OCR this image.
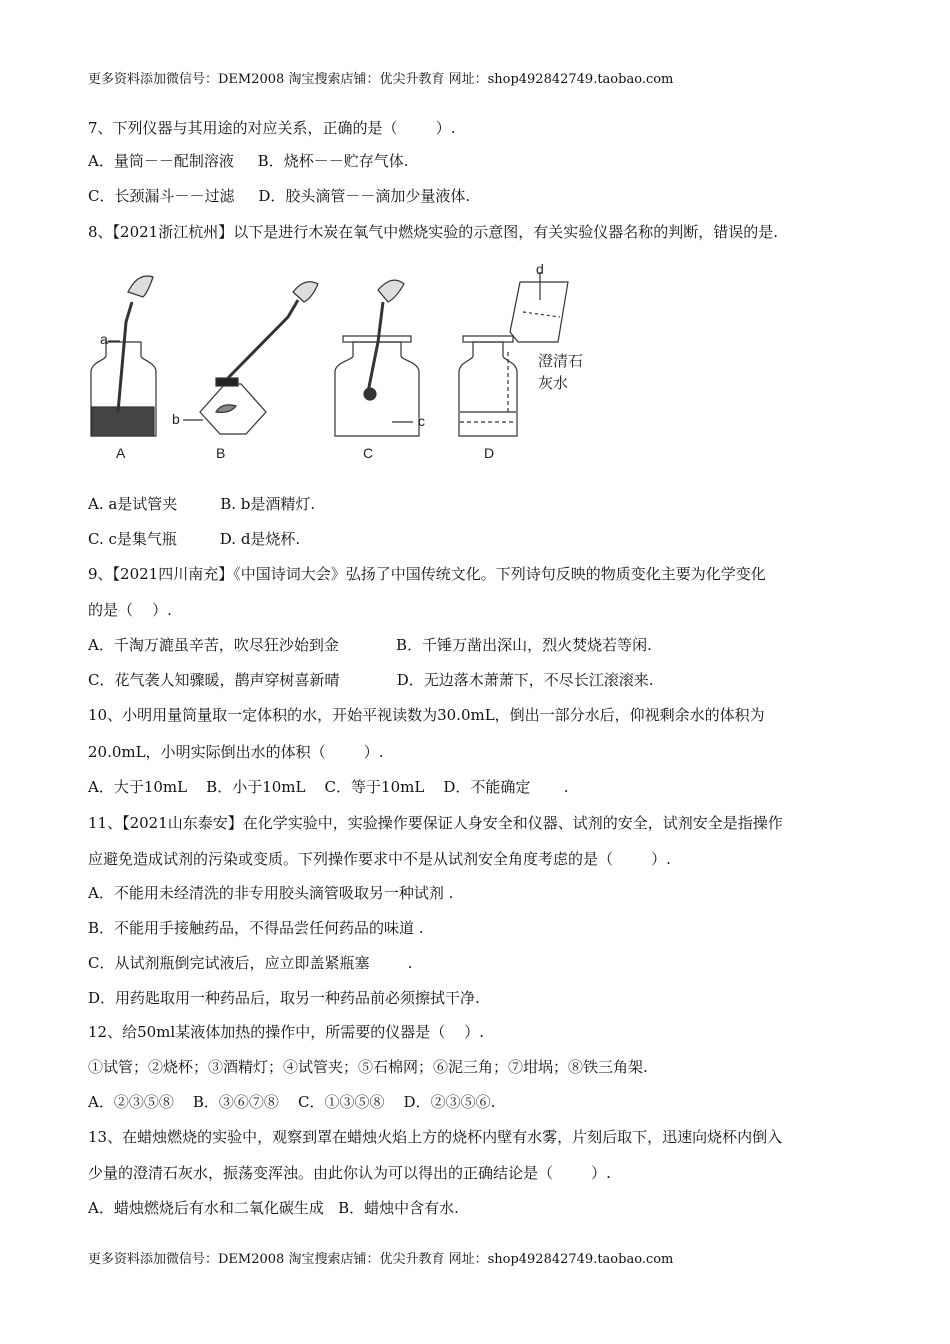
更多资料添加微信号：DEM2008 淘宝搜索店铺：优尖升教育 网址：shop492842749.taobao.com
7、下列仪器与其用途的对应关系，正确的是（        ）.
A．量筒－－配制溶液     B．烧杯－－贮存气体.
C．长颈漏斗－－过滤     D．胶头滴管－－滴加少量液体.
8、【2021浙江杭州】以下是进行木炭在氧气中燃烧实验的示意图，有关实验仪器名称的判断，错误的是.
a
b	c
d
澄清石
灰水
A	B	C	D
A. a是试管夹         B. b是酒精灯.
C. c是集气瓶         D. d是烧杯.
9、【2021四川南充】《中国诗词大会》弘扬了中国传统文化。下列诗句反映的物质变化主要为化学变化
的是（    ）.
A．千淘万漉虽辛苦，吹尽狂沙始到金            B．千锤万凿出深山，烈火焚烧若等闲.
C．花气袭人知骤暖，鹊声穿树喜新晴            D．无边落木萧萧下，不尽长江滚滚来.
10、小明用量筒量取一定体积的水，开始平视读数为30.0mL，倒出一部分水后，仰视剩余水的体积为
20.0mL，小明实际倒出水的体积（        ）.
A．大于10mL    B．小于10mL    C．等于10mL    D．不能确定       .
11、【2021山东泰安】在化学实验中，实验操作要保证人身安全和仪器、试剂的安全，试剂安全是指操作
应避免造成试剂的污染或变质。下列操作要求中不是从试剂安全角度考虑的是（        ）.
A．不能用未经清洗的非专用胶头滴管吸取另一种试剂 .
B．不能用手接触药品，不得品尝任何药品的味道 .
C．从试剂瓶倒完试液后，应立即盖紧瓶塞        .
D．用药匙取用一种药品后，取另一种药品前必须擦拭干净.
12、给50ml某液体加热的操作中，所需要的仪器是（    ）.
①试管；②烧杯；③酒精灯；④试管夹；⑤石棉网；⑥泥三角；⑦坩埚；⑧铁三角架.
A．②③⑤⑧    B．③⑥⑦⑧    C．①③⑤⑧    D．②③⑤⑥.
13、在蜡烛燃烧的实验中，观察到罩在蜡烛火焰上方的烧杯内壁有水雾，片刻后取下，迅速向烧杯内倒入
少量的澄清石灰水，振荡变浑浊。由此你认为可以得出的正确结论是（        ）.
A．蜡烛燃烧后有水和二氧化碳生成   B．蜡烛中含有水.
更多资料添加微信号：DEM2008 淘宝搜索店铺：优尖升教育 网址：shop492842749.taobao.com
